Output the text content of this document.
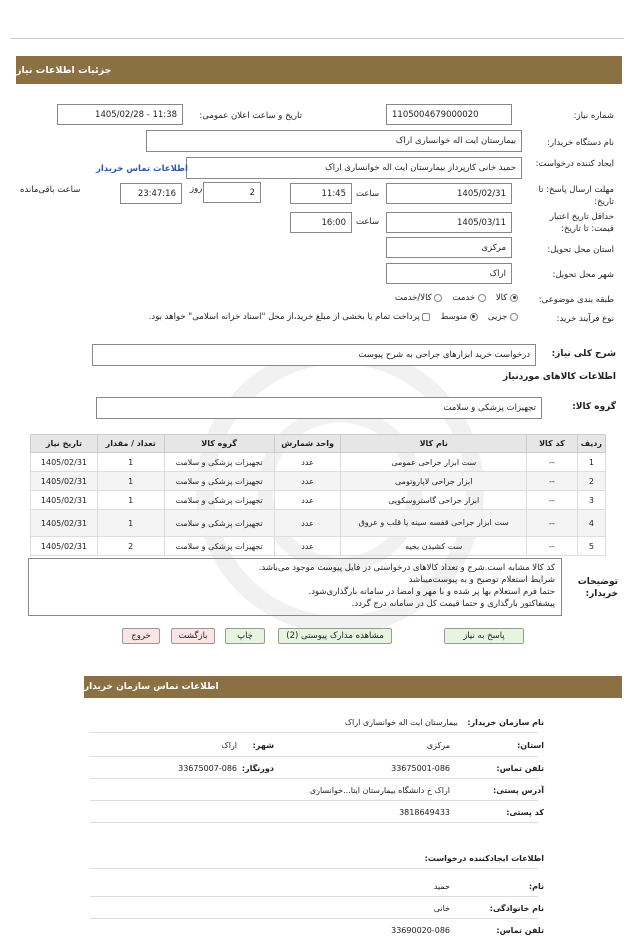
جزئیات اطلاعات نیاز
شماره نیاز:
1105004679000020
تاریخ و ساعت اعلان عمومی:
1405/02/28 - 11:38
نام دستگاه خریدار:
بیمارستان ایت اله خوانساری اراک
ایجاد کننده درخواست:
حمید خانی کارپرداز بیمارستان ایت اله خوانساری اراک
اطلاعات تماس خریدار
مهلت ارسال پاسخ: تا تاریخ:
1405/02/31
ساعت
11:45
روز	2
23:47:16
ساعت باقی‌مانده
حداقل تاریخ اعتبار قیمت: تا تاریخ:
1405/03/11
ساعت
16:00
استان محل تحویل:
مرکزی
شهر محل تحویل:
اراک
طبقه بندی موضوعی:
کالا
خدمت
کالا/خدمت
نوع فرآیند خرید:
جزیی
متوسط
پرداخت تمام یا بخشی از مبلغ خرید،از محل "اسناد خزانه اسلامی" خواهد بود.
شرح کلی نیاز:
درخواست خرید ابزارهای جراحی به شرح پیوست
اطلاعات کالاهای موردنیاز
گروه کالا:
تجهیزات پزشکی و سلامت
ردیف	کد کالا	نام کالا	واحد شمارش	گروه کالا	تعداد / مقدار	تاریخ نیاز
1	--	ست ابزار جراحی عمومی	عدد	تجهیزات پزشکی و سلامت	1	1405/02/31
2	--	ابزار جراحی لاپاروتومی	عدد	تجهیزات پزشکی و سلامت	1	1405/02/31
3	--	ابزار جراحی گاستروسکوپی	عدد	تجهیزات پزشکی و سلامت	1	1405/02/31
4	--	ست ابزار جراحی قفسه سینه یا قلب و عروق	عدد	تجهیزات پزشکی و سلامت	1	1405/02/31
5	--	ست کشیدن بخیه	عدد	تجهیزات پزشکی و سلامت	2	1405/02/31
توضیحات خریدار:
کد کالا مشابه است.شرح و تعداد کالاهای درخواستی در فایل پیوست موجود می‌باشد.
شرایط استعلام توضیح و به پیوست‌میباشد
حتما فرم استعلام بها پر شده و با مهر و امضا در سامانه بارگذاری‌شود.
پیشفاکتور بارگذاری و حتما قیمت کل در سامانه درج گردد.
پاسخ به نیاز
مشاهده مدارک پیوستی (2)
چاپ
بازگشت
خروج
اطلاعات تماس سازمان خریدار
نام سازمان خریدار:
بیمارستان ایت اله خوانساری اراک
استان:
مرکزی
شهر:
اراک
تلفن تماس:
33675001-086
دورنگار:
33675007-086
آدرس پستی:
اراک خ دانشگاه بیمارستان ایتا...خوانساری
کد پستی:
3818649433
اطلاعات ایجادکننده درخواست:
نام:
حمید
نام خانوادگی:
خانی
تلفن تماس:
33690020-086
